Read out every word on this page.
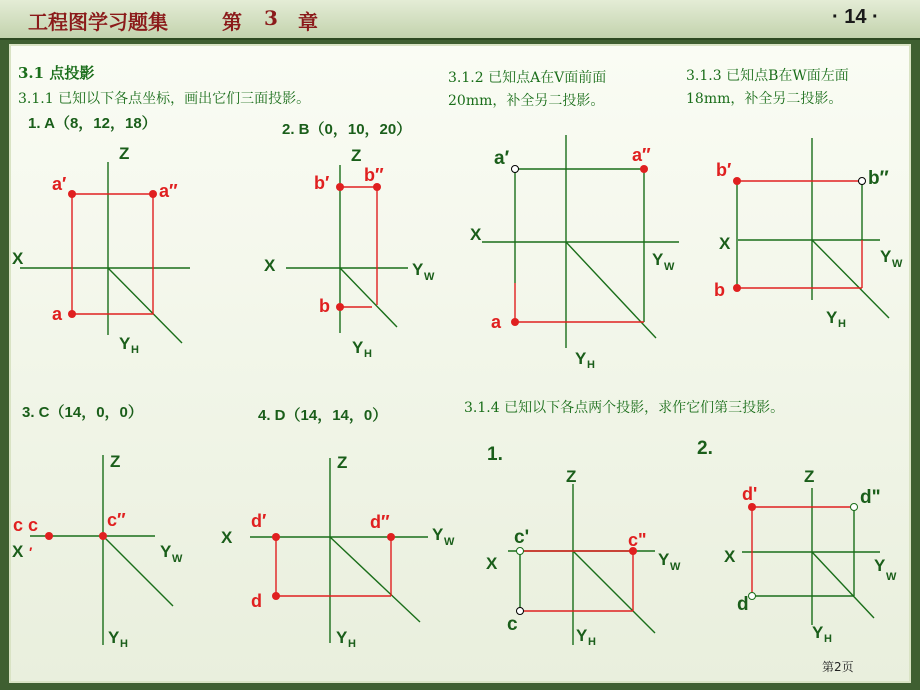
工程图学习题集	第 3 章	· 14 ·
3.1 点投影
3.1.1 已知以下各点坐标，画出它们三面投影。
3.1.2 已知点A在V面前面
20mm，补全另二投影。
3.1.3 已知点B在W面左面
18mm，补全另二投影。
3.1.4 已知以下各点两个投影，求作它们第三投影。
1. A（8，12，18）	2. B（0，10，20）
3. C（14，0，0）	4. D（14，14，0）
1.	2.
Z
X
Y H
a′	a″
a
Z
X	Y W
Y H
b′ b″
b
X
Y W
Y H
a′	a″
a
X
Y W
Y H
b′	b″
b
Z
X ′	Y W
Y H
c c	c″
Z
X	Y W
Y H
d′	d″
d
Z
X	Y W
Y H
c'	c"
c
Z
X	Y
W
Y H
d'	d"
d
第2页
